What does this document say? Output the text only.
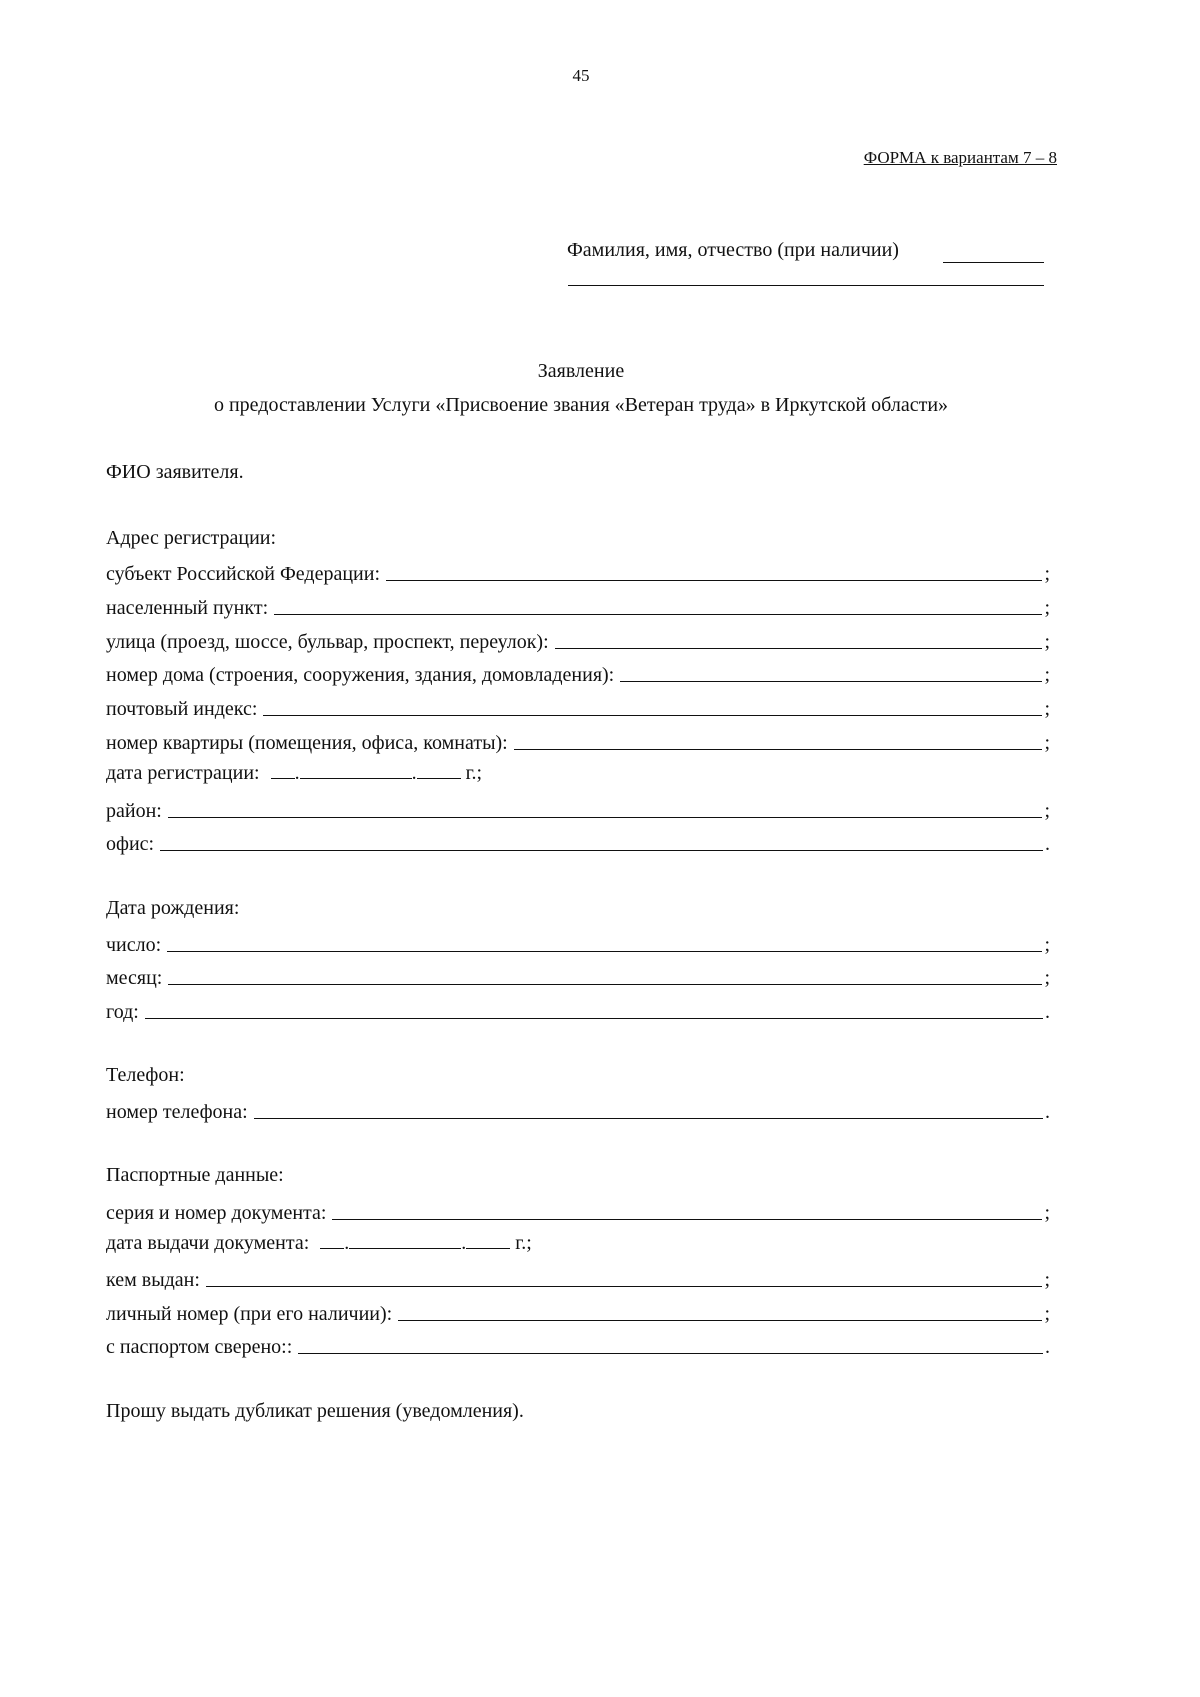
45
ФОРМА к вариантам 7 – 8
Фамилия, имя, отчество (при наличии)
Заявление
о предоставлении Услуги «Присвоение звания «Ветеран труда» в Иркутской области»
ФИО заявителя.
Адрес регистрации:
субъект Российской Федерации:	;
населенный пункт:	;
улица (проезд, шоссе, бульвар, проспект, переулок):	;
номер дома (строения, сооружения, здания, домовладения):	;
почтовый индекс:	;
номер квартиры (помещения, офиса, комнаты):	;
дата регистрации: .	. г.;
район:	;
офис:	.
Дата рождения:
число:	;
месяц:	;
год:	.
Телефон:
номер телефона:	.
Паспортные данные:
серия и номер документа:	;
дата выдачи документа: .	. г.;
кем выдан:	;
личный номер (при его наличии):	;
с паспортом сверено::	.
Прошу выдать дубликат решения (уведомления).
